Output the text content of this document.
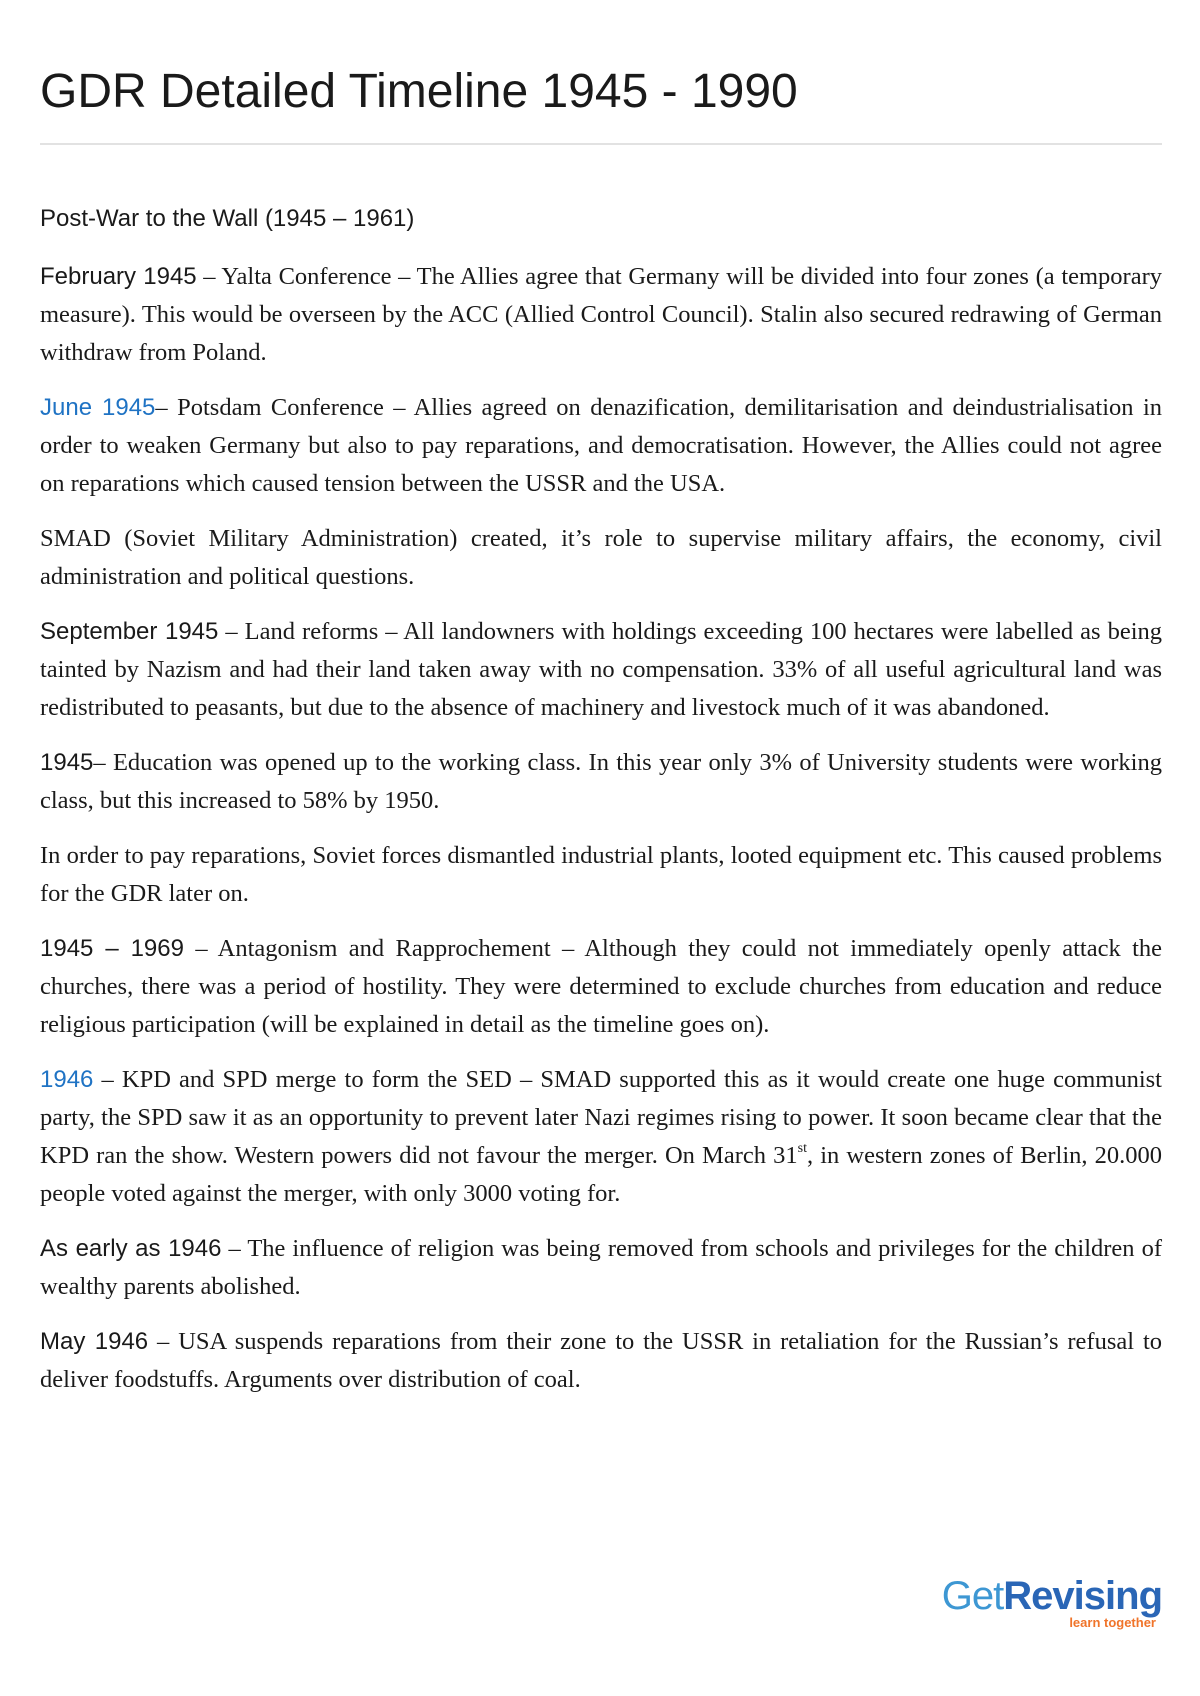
GDR Detailed Timeline 1945 - 1990

Post-War to the Wall (1945 – 1961)

February 1945 – Yalta Conference – The Allies agree that Germany will be divided into four zones (a temporary measure). This would be overseen by the ACC (Allied Control Council). Stalin also secured redrawing of German withdraw from Poland.

June 1945– Potsdam Conference – Allies agreed on denazification, demilitarisation and deindustrialisation in order to weaken Germany but also to pay reparations, and democratisation. However, the Allies could not agree on reparations which caused tension between the USSR and the USA.

SMAD (Soviet Military Administration) created, it’s role to supervise military affairs, the economy, civil administration and political questions.

September 1945 – Land reforms – All landowners with holdings exceeding 100 hectares were labelled as being tainted by Nazism and had their land taken away with no compensation. 33% of all useful agricultural land was redistributed to peasants, but due to the absence of machinery and livestock much of it was abandoned.

1945– Education was opened up to the working class. In this year only 3% of University students were working class, but this increased to 58% by 1950.

In order to pay reparations, Soviet forces dismantled industrial plants, looted equipment etc. This caused problems for the GDR later on.

1945 – 1969 – Antagonism and Rapprochement – Although they could not immediately openly attack the churches, there was a period of hostility. They were determined to exclude churches from education and reduce religious participation (will be explained in detail as the timeline goes on).

1946 – KPD and SPD merge to form the SED – SMAD supported this as it would create one huge communist party, the SPD saw it as an opportunity to prevent later Nazi regimes rising to power. It soon became clear that the KPD ran the show. Western powers did not favour the merger. On March 31st, in western zones of Berlin, 20.000 people voted against the merger, with only 3000 voting for.

As early as 1946 – The influence of religion was being removed from schools and privileges for the children of wealthy parents abolished.

May 1946 – USA suspends reparations from their zone to the USSR in retaliation for the Russian’s refusal to deliver foodstuffs. Arguments over distribution of coal.

GetRevising
learn together
